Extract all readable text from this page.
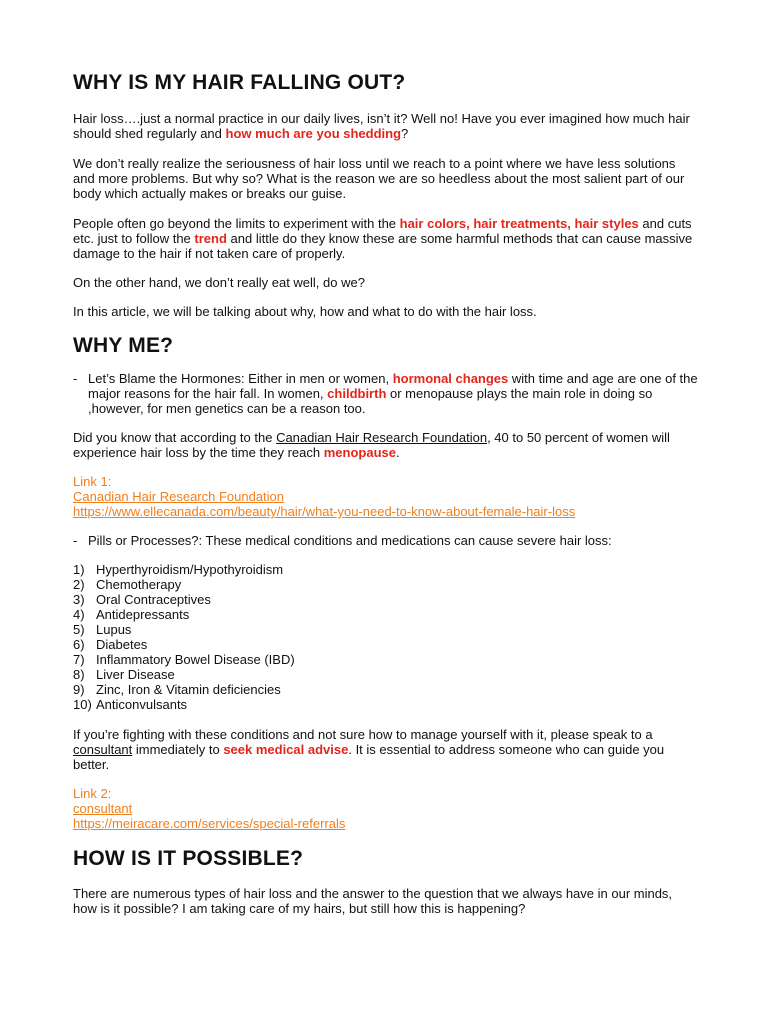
WHY IS MY HAIR FALLING OUT?

Hair loss….just a normal practice in our daily lives, isn’t it? Well no! Have you ever imagined how much hair should shed regularly and how much are you shedding?

We don’t really realize the seriousness of hair loss until we reach to a point where we have less solutions and more problems. But why so? What is the reason we are so heedless about the most salient part of our body which actually makes or breaks our guise.

People often go beyond the limits to experiment with the hair colors, hair treatments, hair styles and cuts etc. just to follow the trend and little do they know these are some harmful methods that can cause massive damage to the hair if not taken care of properly.

On the other hand, we don’t really eat well, do we?

In this article, we will be talking about why, how and what to do with the hair loss.

WHY ME?
- Let’s Blame the Hormones: Either in men or women, hormonal changes with time and age are one of the major reasons for the hair fall. In women, childbirth or menopause plays the main role in doing so ,however, for men genetics can be a reason too.

Did you know that according to the Canadian Hair Research Foundation, 40 to 50 percent of women will experience hair loss by the time they reach menopause.

Link 1:

Canadian Hair Research Foundation

https://www.ellecanada.com/beauty/hair/what-you-need-to-know-about-female-hair-loss

- Pills or Processes?: These medical conditions and medications can cause severe hair loss:

1) Hyperthyroidism/Hypothyroidism
2) Chemotherapy
3) Oral Contraceptives
4) Antidepressants
5) Lupus
6) Diabetes
7) Inflammatory Bowel Disease (IBD)
8) Liver Disease
9) Zinc, Iron & Vitamin deficiencies
10) Anticonvulsants

If you’re fighting with these conditions and not sure how to manage yourself with it, please speak to a consultant immediately to seek medical advise. It is essential to address someone who can guide you better.

Link 2:

consultant

https://meiracare.com/services/special-referrals

HOW IS IT POSSIBLE?

There are numerous types of hair loss and the answer to the question that we always have in our minds, how is it possible? I am taking care of my hairs, but still how this is happening?
